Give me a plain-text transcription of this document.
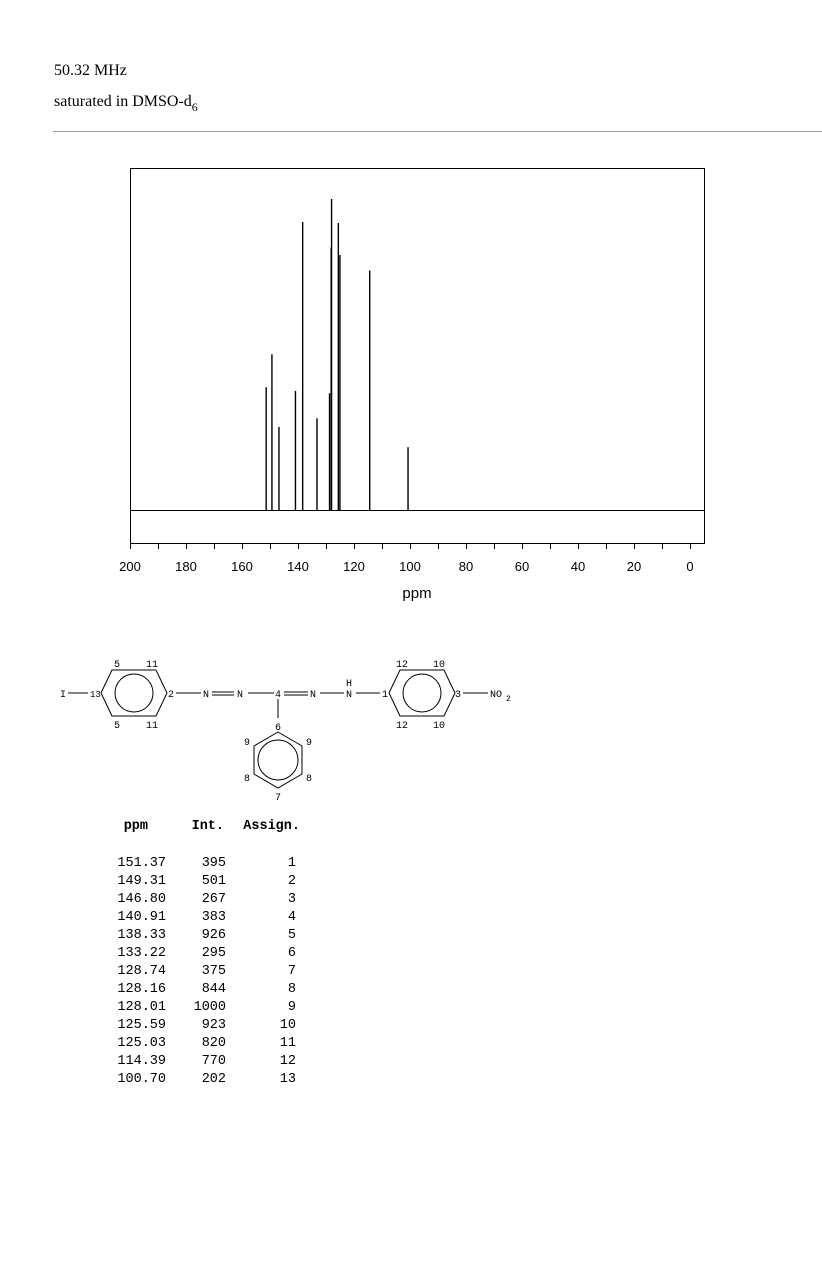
50.32 MHz
saturated in DMSO-$d_6$
200	180	160	140	120	100	80	60	40	20	0
ppm
I	13
5	11
5	11
2	N	N	4	N
H
N	1
12 10
12 10
3	NO 2
6
9	9
8	8
7
ppm	Int.	Assign.
151.37	395	1
149.31	501	2
146.80	267	3
140.91	383	4
138.33	926	5
133.22	295	6
128.74	375	7
128.16	844	8
128.01	1000	9
125.59	923	10
125.03	820	11
114.39	770	12
100.70	202	13
